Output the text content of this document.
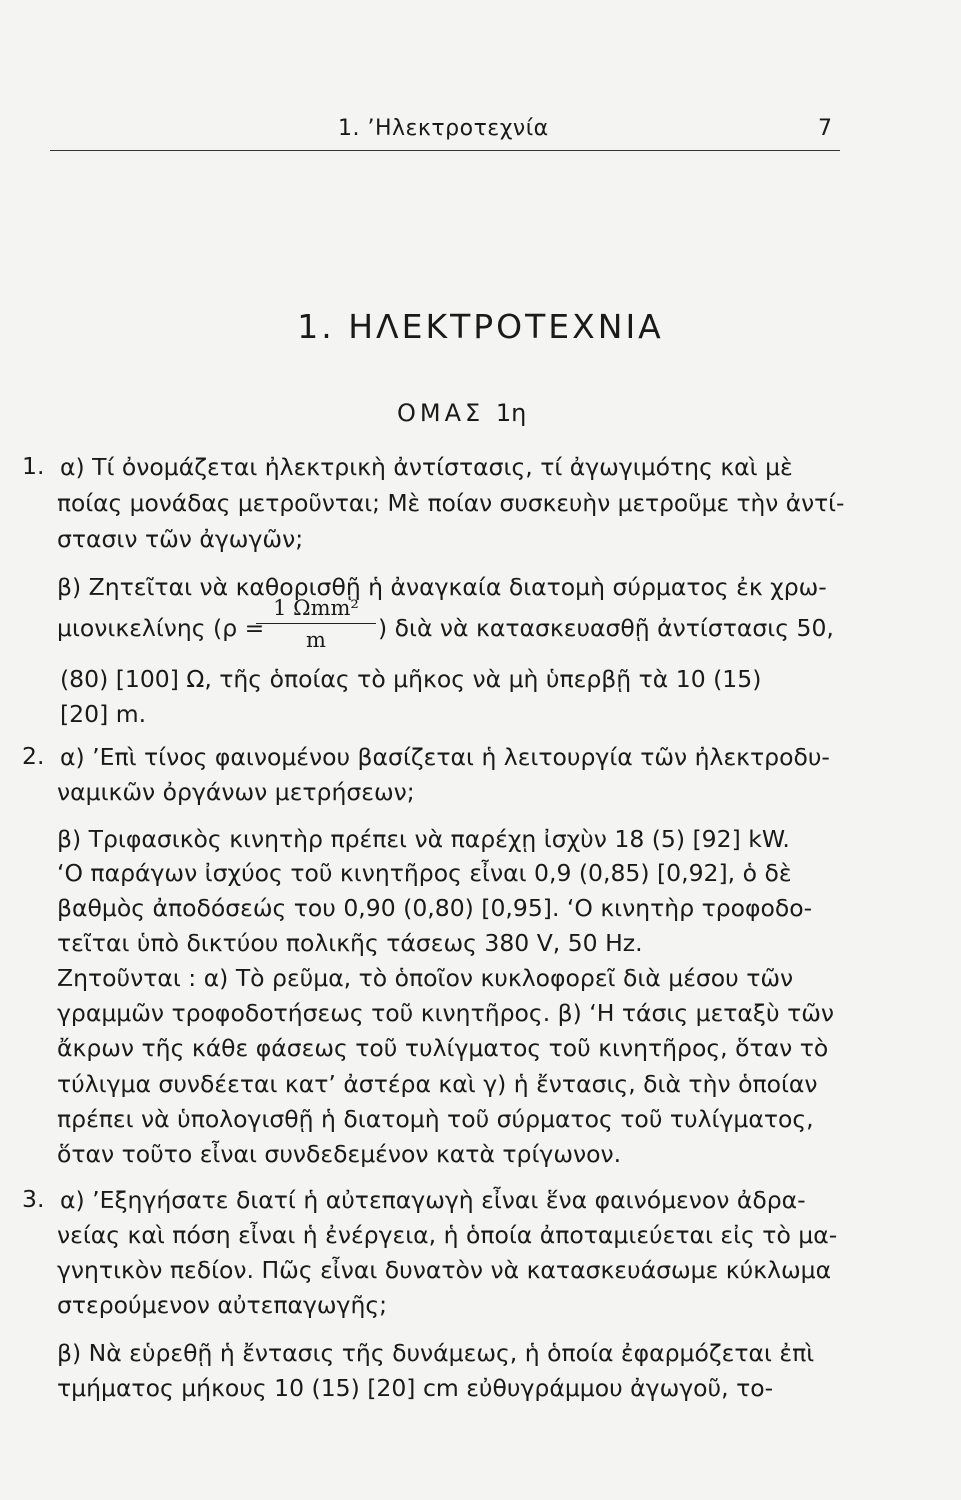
1. ’Ηλεκτροτεχνία	7
1. ΗΛΕΚΤΡΟΤΕΧΝΙΑ
ΟΜΑΣ 1η
1. α) Τί ὀνομάζεται ἠλεκτρικὴ ἀντίστασις, τί ἀγωγιμότης καὶ μὲ
ποίας μονάδας μετροῦνται; Μὲ ποίαν συσκευὴν μετροῦμε τὴν ἀντί-
στασιν τῶν ἀγωγῶν;
β) Ζητεῖται νὰ καθορισθῇ ἡ ἀναγκαία διατομὴ σύρματος ἐκ χρω-
μιονικελίνης (ρ =
1 Ωmm²
m	) διὰ νὰ κατασκευασθῇ ἀντίστασις 50,
(80) [100] Ω, τῆς ὁποίας τὸ μῆκος νὰ μὴ ὑπερβῇ τὰ 10 (15)
[20] m.
2. α) ’Επὶ τίνος φαινομένου βασίζεται ἡ λειτουργία τῶν ἠλεκτροδυ-
ναμικῶν ὀργάνων μετρήσεων;
β) Τριφασικὸς κινητὴρ πρέπει νὰ παρέχῃ ἰσχὺν 18 (5) [92] kW.
‘Ο παράγων ἰσχύος τοῦ κινητῆρος εἶναι 0,9 (0,85) [0,92], ὁ δὲ
βαθμὸς ἀποδόσεώς του 0,90 (0,80) [0,95]. ‘Ο κινητὴρ τροφοδο-
τεῖται ὑπὸ δικτύου πολικῆς τάσεως 380 V, 50 Hz.
Ζητοῦνται : α) Τὸ ρεῦμα, τὸ ὁποῖον κυκλοφορεῖ διὰ μέσου τῶν
γραμμῶν τροφοδοτήσεως τοῦ κινητῆρος. β) ‘Η τάσις μεταξὺ τῶν
ἄκρων τῆς κάθε φάσεως τοῦ τυλίγματος τοῦ κινητῆρος, ὅταν τὸ
τύλιγμα συνδέεται κατ’ ἀστέρα καὶ γ) ἡ ἔντασις, διὰ τὴν ὁποίαν
πρέπει νὰ ὑπολογισθῇ ἡ διατομὴ τοῦ σύρματος τοῦ τυλίγματος,
ὅταν τοῦτο εἶναι συνδεδεμένον κατὰ τρίγωνον.
3. α) ’Εξηγήσατε διατί ἡ αὐτεπαγωγὴ εἶναι ἕνα φαινόμενον ἀδρα-
νείας καὶ πόση εἶναι ἡ ἐνέργεια, ἡ ὁποία ἀποταμιεύεται εἰς τὸ μα-
γνητικὸν πεδίον. Πῶς εἶναι δυνατὸν νὰ κατασκευάσωμε κύκλωμα
στερούμενον αὐτεπαγωγῆς;
β) Νὰ εὑρεθῇ ἡ ἔντασις τῆς δυνάμεως, ἡ ὁποία ἐφαρμόζεται ἐπὶ
τμήματος μήκους 10 (15) [20] cm εὐθυγράμμου ἀγωγοῦ, το-
